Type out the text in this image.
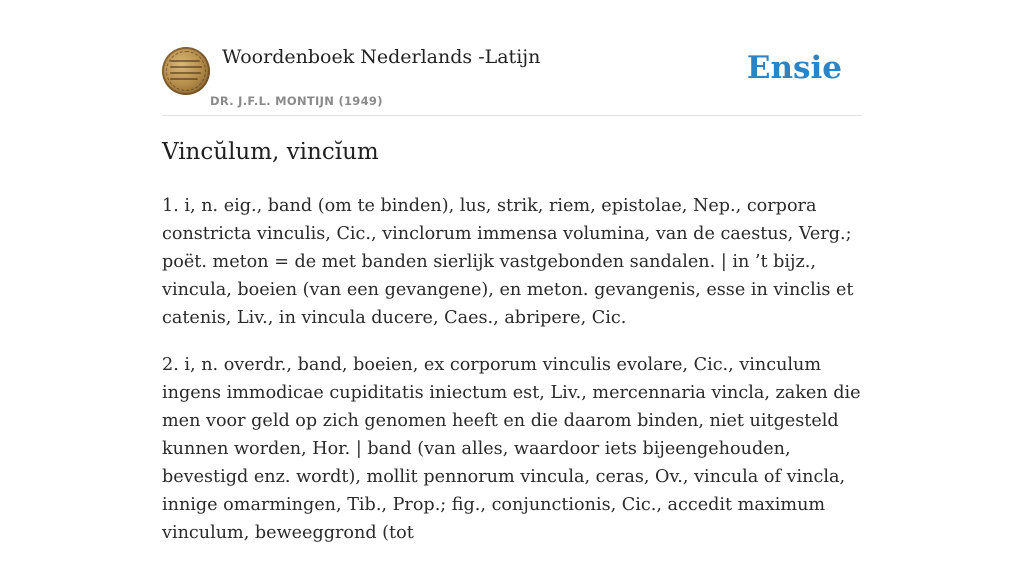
Woordenboek Nederlands -Latijn
DR. J.F.L. MONTIJN (1949)
Ensie
Vincŭlum, vincĭum

1. i, n. eig., band (om te binden), lus, strik, riem, epistolae, Nep., corpora constricta vinculis, Cic., vinclorum immensa volumina, van de caestus, Verg.; poët. meton = de met banden sierlijk vastgebonden sandalen. | in ’t bijz., vincula, boeien (van een gevangene), en meton. gevangenis, esse in vinclis et catenis, Liv., in vincula ducere, Caes., abripere, Cic.

2. i, n. overdr., band, boeien, ex corporum vinculis evolare, Cic., vinculum ingens immodicae cupiditatis iniectum est, Liv., mercennaria vincla, zaken die men voor geld op zich genomen heeft en die daarom binden, niet uitgesteld kunnen worden, Hor. | band (van alles, waardoor iets bijeengehouden, bevestigd enz. wordt), mollit pennorum vincula, ceras, Ov., vincula of vincla, innige omarmingen, Tib., Prop.; fig., conjunctionis, Cic., accedit maximum vinculum, beweeggrond (tot
